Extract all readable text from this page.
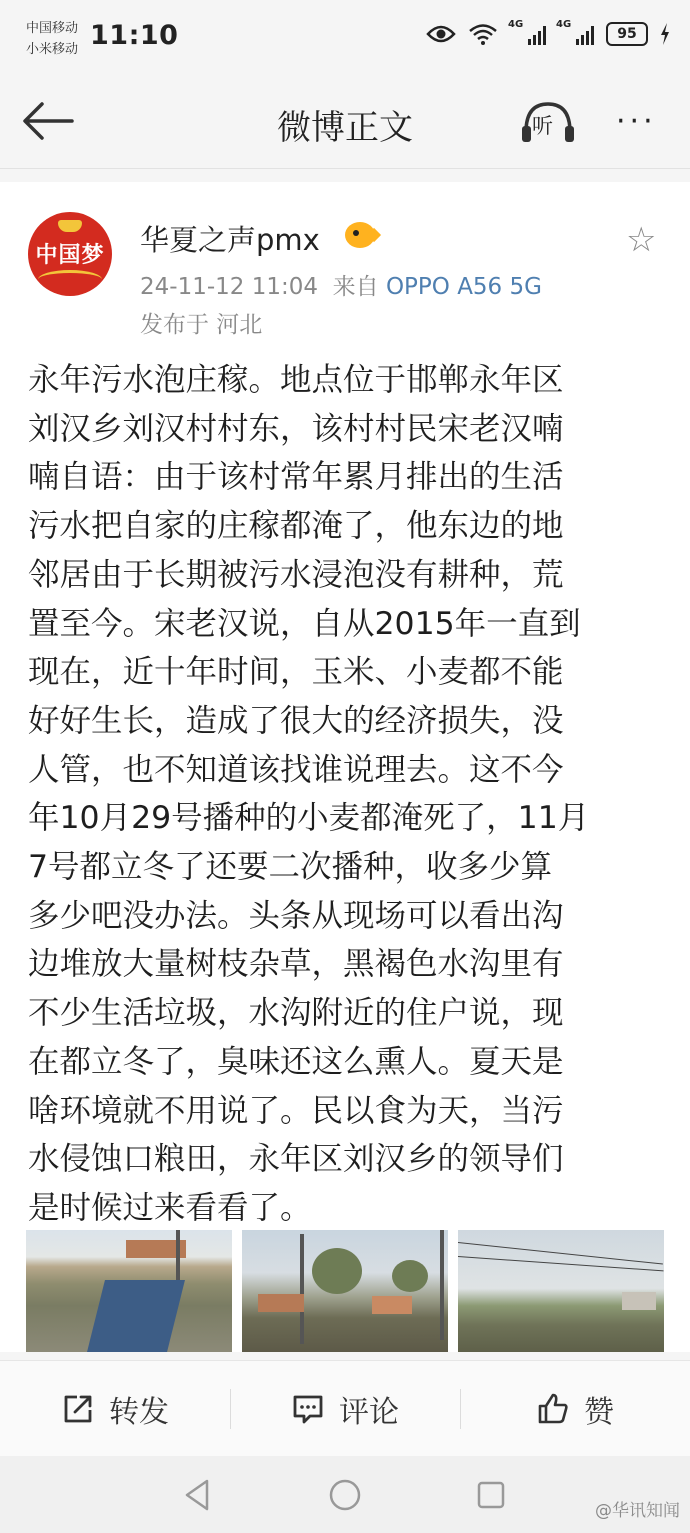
中国移动
小米移动 11:10	4G	4G
95
微博正文	听 ···
中国梦 华夏之声pmx	☆
24-11-12 11:04 来自 OPPO A56 5G
发布于 河北
永年污水泡庄稼。地点位于邯郸永年区
刘汉乡刘汉村村东，该村村民宋老汉喃
喃自语：由于该村常年累月排出的生活
污水把自家的庄稼都淹了，他东边的地
邻居由于长期被污水浸泡没有耕种，荒
置至今。宋老汉说，自从2015年一直到
现在，近十年时间，玉米、小麦都不能
好好生长，造成了很大的经济损失，没
人管，也不知道该找谁说理去。这不今
年10月29号播种的小麦都淹死了，11月
7号都立冬了还要二次播种，收多少算
多少吧没办法。头条从现场可以看出沟
边堆放大量树枝杂草，黑褐色水沟里有
不少生活垃圾，水沟附近的住户说，现
在都立冬了，臭味还这么熏人。夏天是
啥环境就不用说了。民以食为天，当污
水侵蚀口粮田，永年区刘汉乡的领导们
是时候过来看看了。
转发	评论	赞
@华讯知闻
